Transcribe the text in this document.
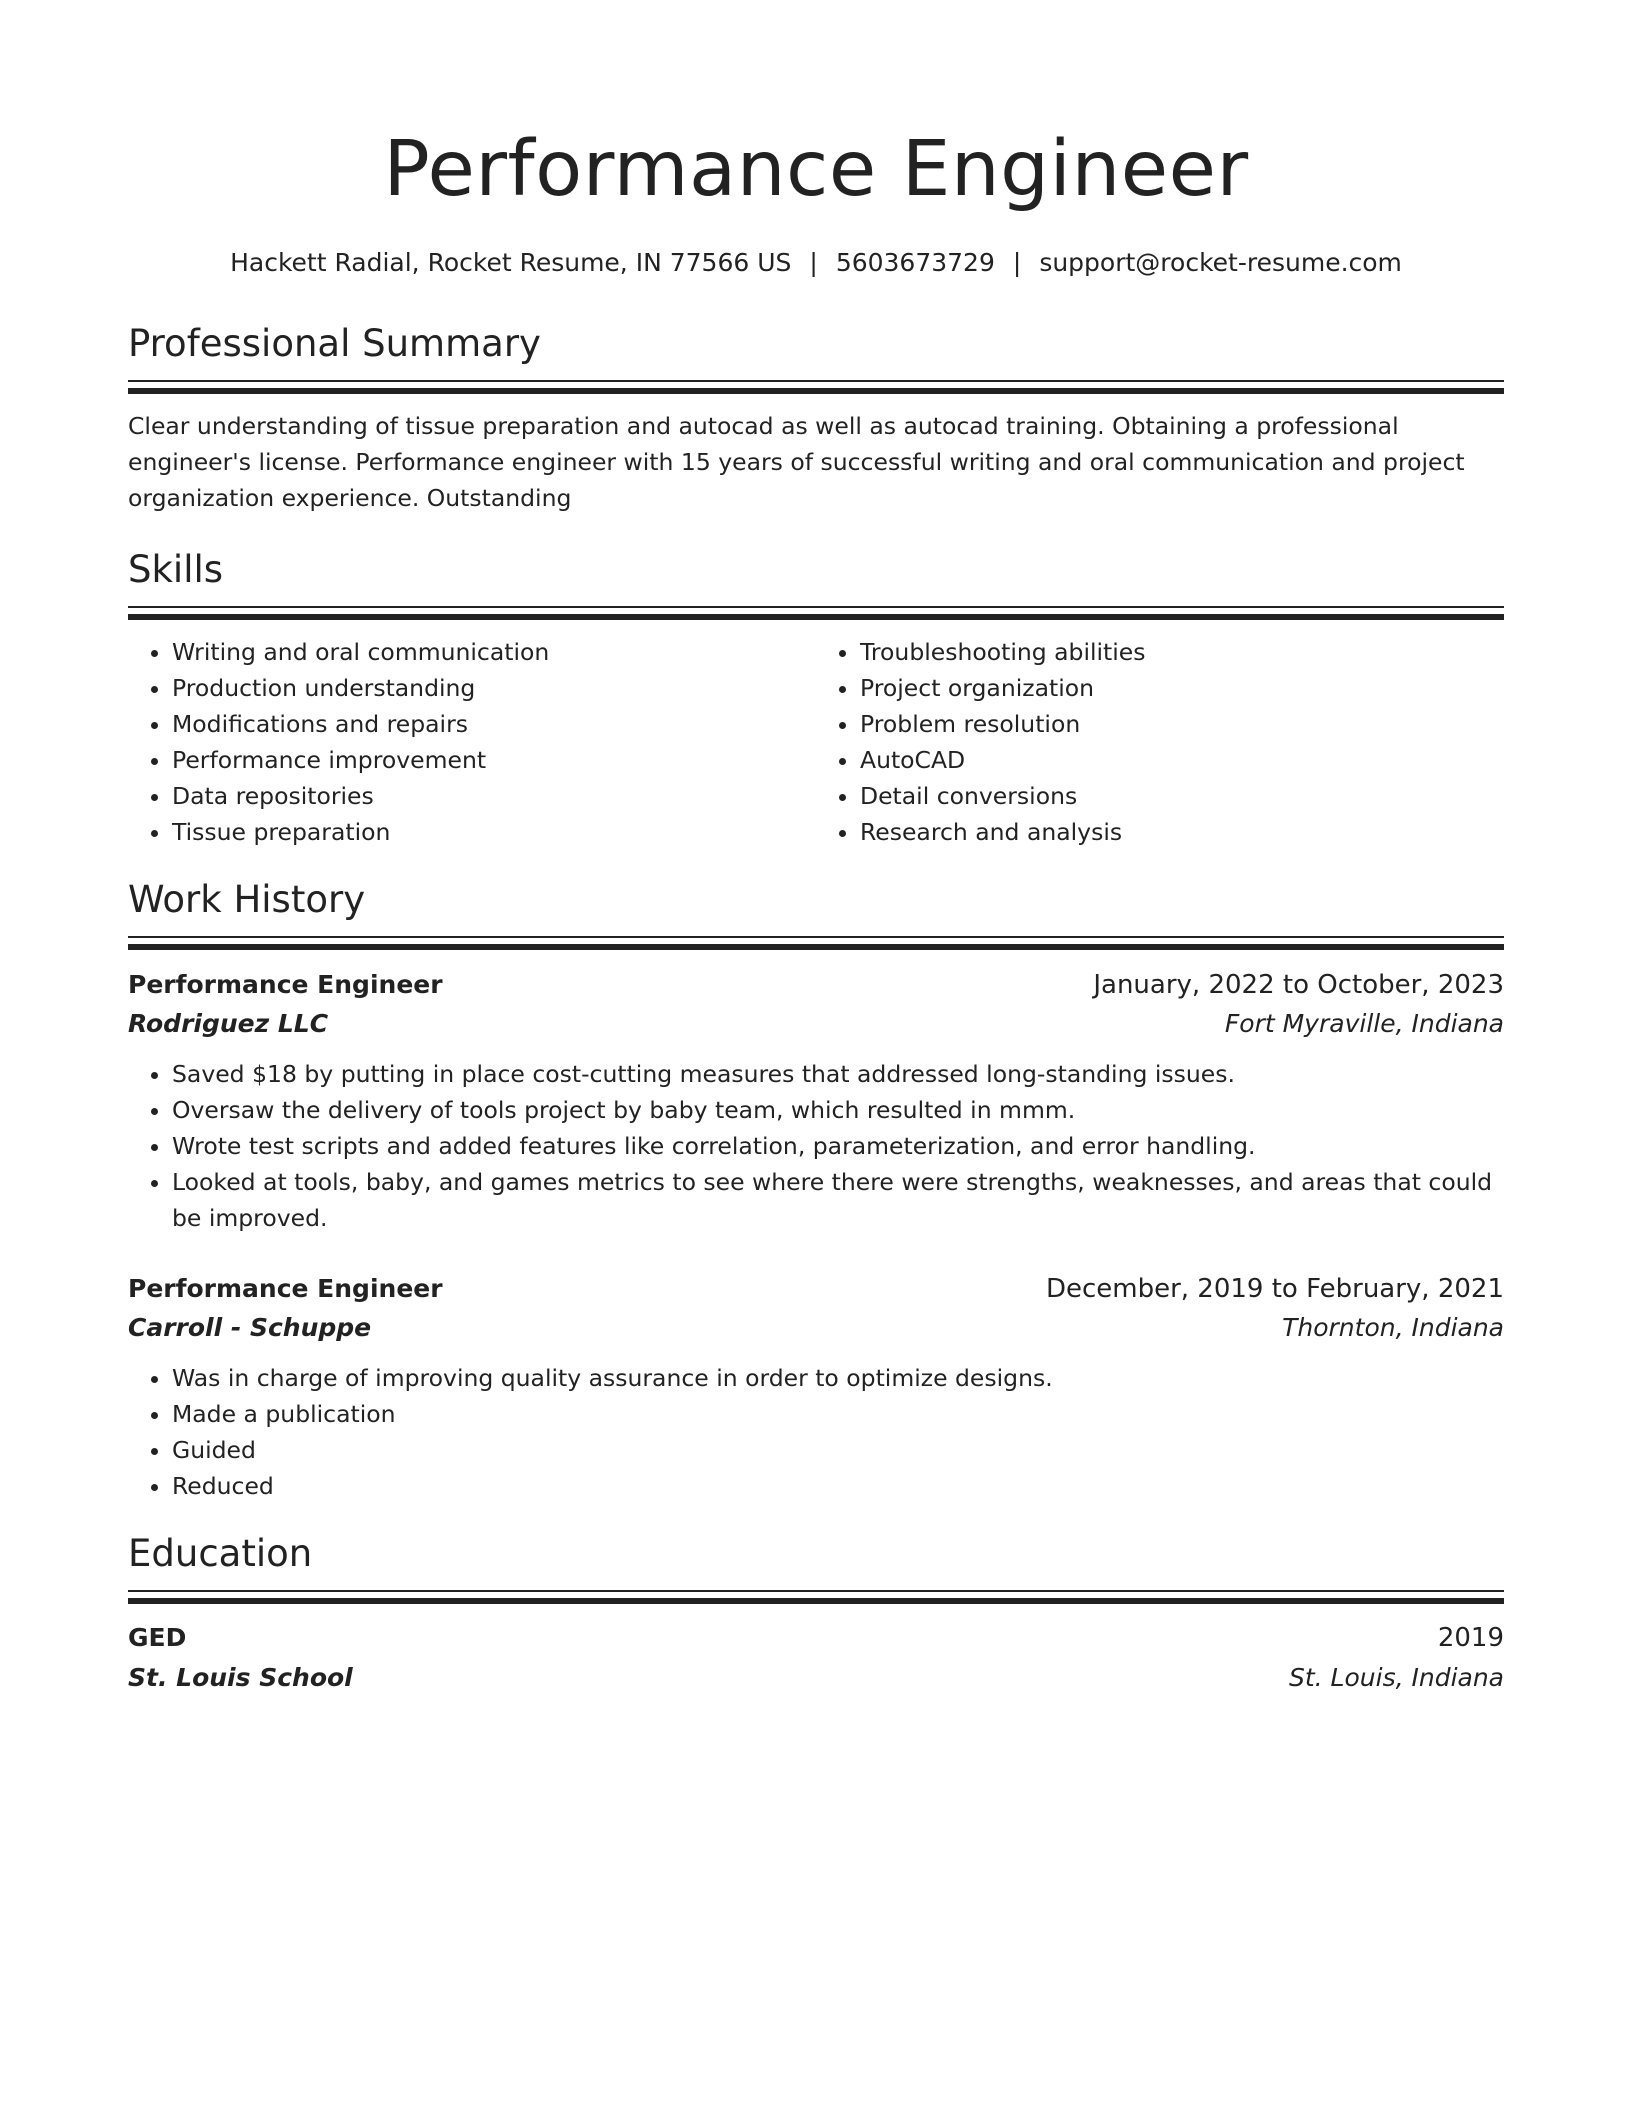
Performance Engineer
Hackett Radial, Rocket Resume, IN 77566 US | 5603673729 | support@rocket-resume.com
Professional Summary
Clear understanding of tissue preparation and autocad as well as autocad training. Obtaining a professional engineer's license. Performance engineer with 15 years of successful writing and oral communication and project organization experience. Outstanding
Skills
• Writing and oral communication
• Production understanding
• Modifications and repairs
• Performance improvement
• Data repositories
• Tissue preparation
• Troubleshooting abilities
• Project organization
• Problem resolution
• AutoCAD
• Detail conversions
• Research and analysis
Work History
Performance Engineer	January, 2022 to October, 2023
Rodriguez LLC	Fort Myraville, Indiana
• Saved $18 by putting in place cost-cutting measures that addressed long-standing issues.
• Oversaw the delivery of tools project by baby team, which resulted in mmm.
• Wrote test scripts and added features like correlation, parameterization, and error handling.
• Looked at tools, baby, and games metrics to see where there were strengths, weaknesses, and areas that could be improved.
Performance Engineer	December, 2019 to February, 2021
Carroll - Schuppe	Thornton, Indiana
• Was in charge of improving quality assurance in order to optimize designs.
• Made a publication
• Guided
• Reduced
Education
GED	2019
St. Louis School	St. Louis, Indiana
